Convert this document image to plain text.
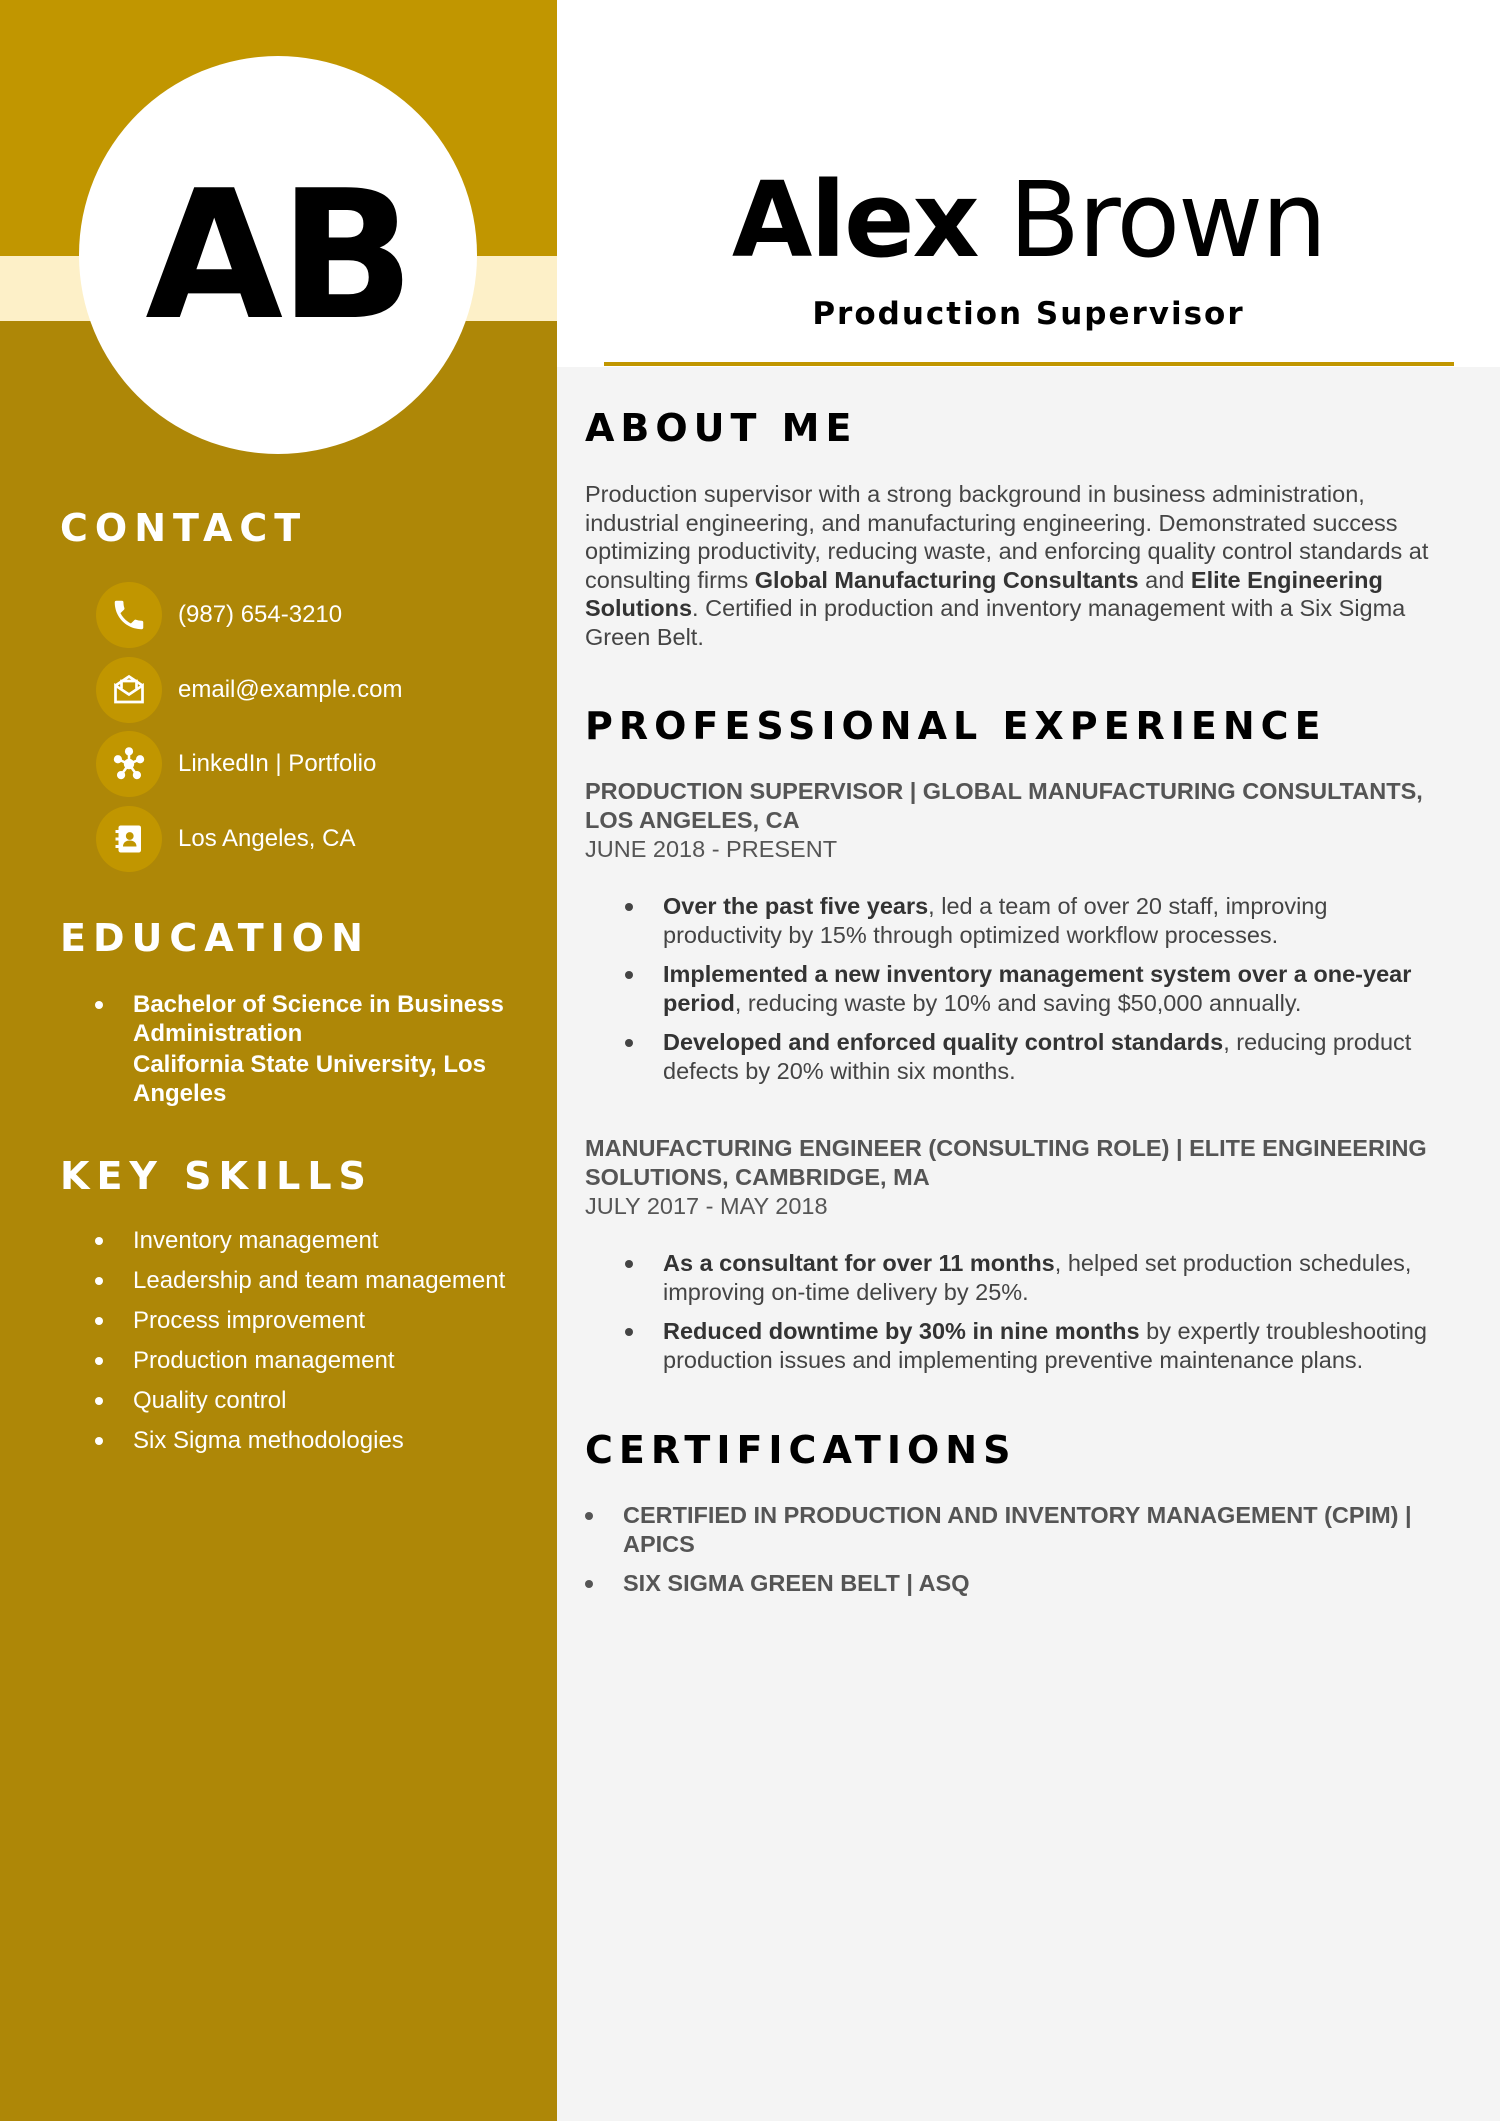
AB
CONTACT
(987) 654-3210
email@example.com
LinkedIn | Portfolio
Los Angeles, CA
EDUCATION
Bachelor of Science in Business Administration
California State University, Los Angeles
KEY SKILLS
Inventory management
Leadership and team management
Process improvement
Production management
Quality control
Six Sigma methodologies
Alex Brown
Production Supervisor
ABOUT ME

Production supervisor with a strong background in business administration, industrial engineering, and manufacturing engineering. Demonstrated success optimizing productivity, reducing waste, and enforcing quality control standards at consulting firms Global Manufacturing Consultants and Elite Engineering Solutions. Certified in production and inventory management with a Six Sigma Green Belt.

PROFESSIONAL EXPERIENCE
PRODUCTION SUPERVISOR | GLOBAL MANUFACTURING CONSULTANTS, LOS ANGELES, CA
JUNE 2018 - PRESENT
Over the past five years, led a team of over 20 staff, improving productivity by 15% through optimized workflow processes.
Implemented a new inventory management system over a one-year period, reducing waste by 10% and saving $50,000 annually.
Developed and enforced quality control standards, reducing product defects by 20% within six months.
MANUFACTURING ENGINEER (CONSULTING ROLE) | ELITE ENGINEERING SOLUTIONS, CAMBRIDGE, MA
JULY 2017 - MAY 2018
As a consultant for over 11 months, helped set production schedules, improving on-time delivery by 25%.
Reduced downtime by 30% in nine months by expertly troubleshooting production issues and implementing preventive maintenance plans.
CERTIFICATIONS
CERTIFIED IN PRODUCTION AND INVENTORY MANAGEMENT (CPIM) | APICS
SIX SIGMA GREEN BELT | ASQ
